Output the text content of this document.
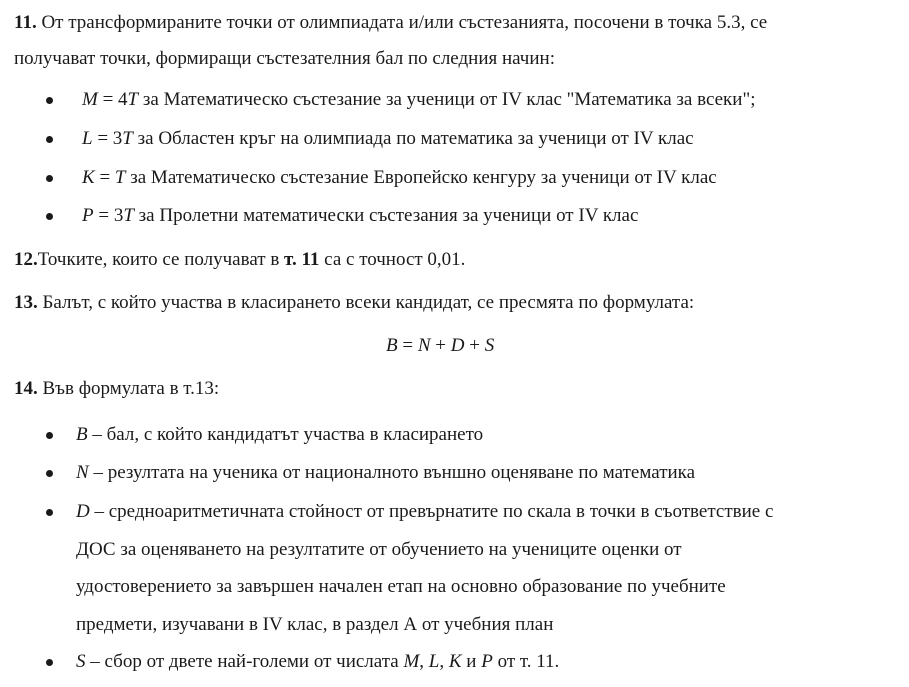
11. От трансформираните точки от олимпиадата и/или състезанията, посочени в точка 5.3, се
получават точки, формиращи състезателния бал по следния начин:
M = 4T за Математическо състезание за ученици от IV клас "Математика за всеки";
L = 3T за Областен кръг на олимпиада по математика за ученици от IV клас
K = T за Математическо състезание Европейско кенгуру за ученици от IV клас
P = 3T за Пролетни математически състезания за ученици от IV клас
12.Точките, които се получават в т. 11 са с точност 0,01.
13. Балът, с който участва в класирането всеки кандидат, се пресмята по формулата:
B = N + D + S
14. Във формулата в т.13:
B – бал, с който кандидатът участва в класирането
N – резултата на ученика от националното външно оценяване по математика
D – средноаритметичната стойност от превърнатите по скала в точки в съответствие с
ДОС за оценяването на резултатите от обучението на учениците оценки от
удостоверението за завършен начален етап на основно образование по учебните
предмети, изучавани в IV клас, в раздел А от учебния план
S – сбор от двете най-големи от числата M, L, K и P от т. 11.
